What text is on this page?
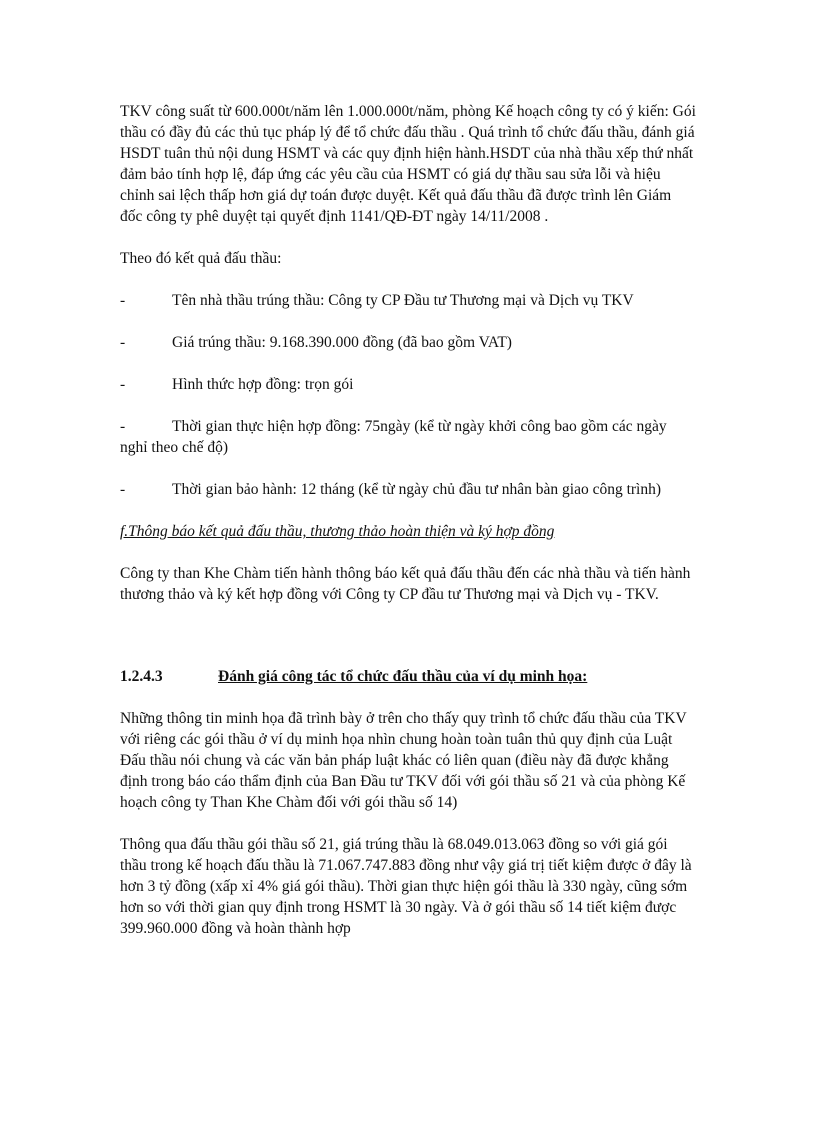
TKV công suất từ 600.000t/năm lên 1.000.000t/năm, phòng Kế hoạch công ty có ý kiến: Gói thầu có đầy đủ các thủ tục pháp lý để tổ chức đấu thầu . Quá trình tổ chức đấu thầu, đánh giá HSDT tuân thủ nội dung HSMT và các quy định hiện hành.HSDT của nhà thầu xếp thứ nhất đảm bảo tính hợp lệ, đáp ứng các yêu cầu của HSMT có giá dự thầu sau sửa lỗi và hiệu chỉnh sai lệch thấp hơn giá dự toán được duyệt. Kết quả đấu thầu đã được trình lên Giám đốc công ty phê duyệt tại quyết định 1141/QĐ-ĐT ngày 14/11/2008 .

Theo đó kết quả đấu thầu:

-	Tên nhà thầu trúng thầu: Công ty CP Đầu tư Thương mại và Dịch vụ TKV
-	Giá trúng thầu: 9.168.390.000 đồng (đã bao gồm VAT)
-	Hình thức hợp đồng: trọn gói
-	Thời gian thực hiện hợp đồng: 75ngày (kể từ ngày khởi công bao gồm các ngày nghỉ theo chế độ)
-	Thời gian bảo hành: 12 tháng (kể từ ngày chủ đầu tư nhân bàn giao công trình)

f.Thông báo kết quả đấu thầu, thương thảo hoàn thiện và ký hợp đồng

Công ty than Khe Chàm tiến hành thông báo kết quả đấu thầu đến các nhà thầu và tiến hành thương thảo và ký kết hợp đồng với Công ty CP đầu tư Thương mại và Dịch vụ - TKV.

1.2.4.3	Đánh giá công tác tổ chức đấu thầu của ví dụ minh họa:

Những thông tin minh họa đã trình bày ở trên cho thấy quy trình tổ chức đấu thầu của TKV với riêng các gói thầu ở ví dụ minh họa nhìn chung hoàn toàn tuân thủ quy định của Luật Đấu thầu nói chung và các văn bản pháp luật khác có liên quan (điều này đã được khẳng định trong báo cáo thẩm định của Ban Đầu tư TKV đối với gói thầu số 21 và của phòng Kế hoạch công ty Than Khe Chàm đối với gói thầu số 14)

Thông qua đấu thầu gói thầu số 21, giá trúng thầu là 68.049.013.063 đồng so với giá gói thầu trong kế hoạch đấu thầu là 71.067.747.883 đồng như vậy giá trị tiết kiệm được ở đây là hơn 3 tỷ đồng (xấp xỉ 4% giá gói thầu). Thời gian thực hiện gói thầu là 330 ngày, cũng sớm hơn so với thời gian quy định trong HSMT là 30 ngày. Và ở gói thầu số 14 tiết kiệm được 399.960.000 đồng và hoàn thành hợp
